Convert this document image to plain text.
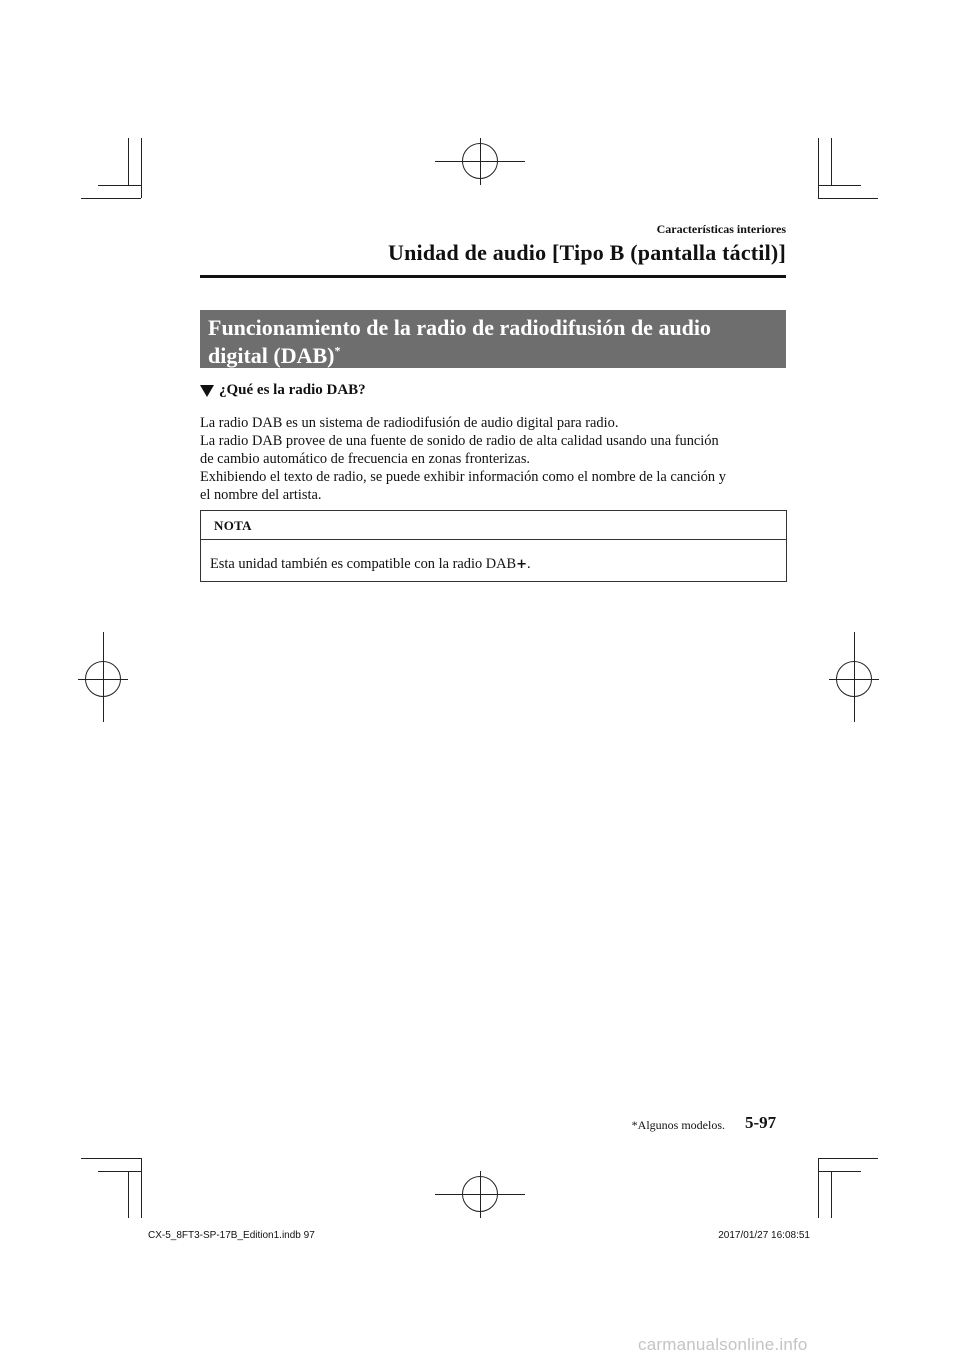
Características interiores
Unidad de audio [Tipo B (pantalla táctil)]
Funcionamiento de la radio de radiodifusión de audio
digital (DAB)*
¿Qué es la radio DAB?

La radio DAB es un sistema de radiodifusión de audio digital para radio.

La radio DAB provee de una fuente de sonido de radio de alta calidad usando una función

de cambio automático de frecuencia en zonas fronterizas.

Exhibiendo el texto de radio, se puede exhibir información como el nombre de la canción y

el nombre del artista.

NOTA
Esta unidad también es compatible con la radio DAB+.
*Algunos modelos. 5-97
CX-5_8FT3-SP-17B_Edition1.indb 97	2017/01/27 16:08:51
carmanualsonline.info
